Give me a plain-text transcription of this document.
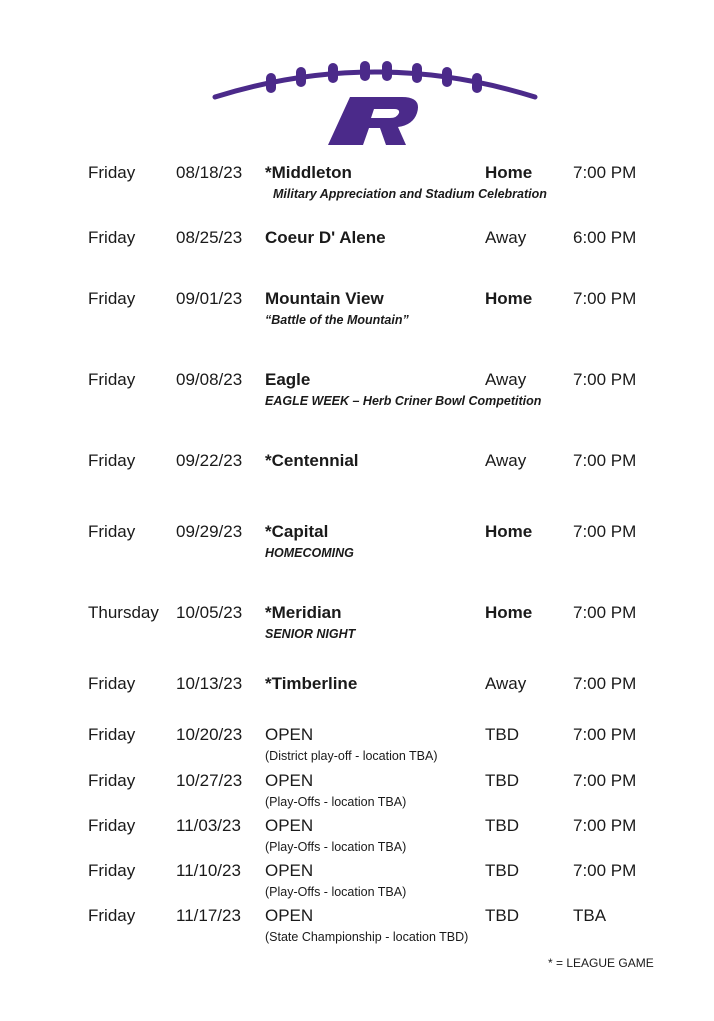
Friday 08/18/23 *Middleton	Home 7:00 PM
Military Appreciation and Stadium Celebration
Friday 08/25/23 Coeur D' Alene	Away	6:00 PM
Friday 09/01/23 Mountain View	Home 7:00 PM
“Battle of the Mountain”
Friday 09/08/23 Eagle	Away	7:00 PM
EAGLE WEEK – Herb Criner Bowl Competition
Friday 09/22/23 *Centennial	Away	7:00 PM
Friday 09/29/23 *Capital	Home 7:00 PM
HOMECOMING
Thursday 10/05/23 *Meridian	Home 7:00 PM
SENIOR NIGHT
Friday 10/13/23 *Timberline	Away	7:00 PM
Friday 10/20/23 OPEN	TBD	7:00 PM
(District play-off - location TBA)
Friday 10/27/23 OPEN	TBD	7:00 PM
(Play-Offs - location TBA)
Friday 11/03/23 OPEN	TBD	7:00 PM
(Play-Offs - location TBA)
Friday 11/10/23 OPEN	TBD	7:00 PM
(Play-Offs - location TBA)
Friday 11/17/23 OPEN	TBD	TBA
(State Championship - location TBD)
* = LEAGUE GAME
